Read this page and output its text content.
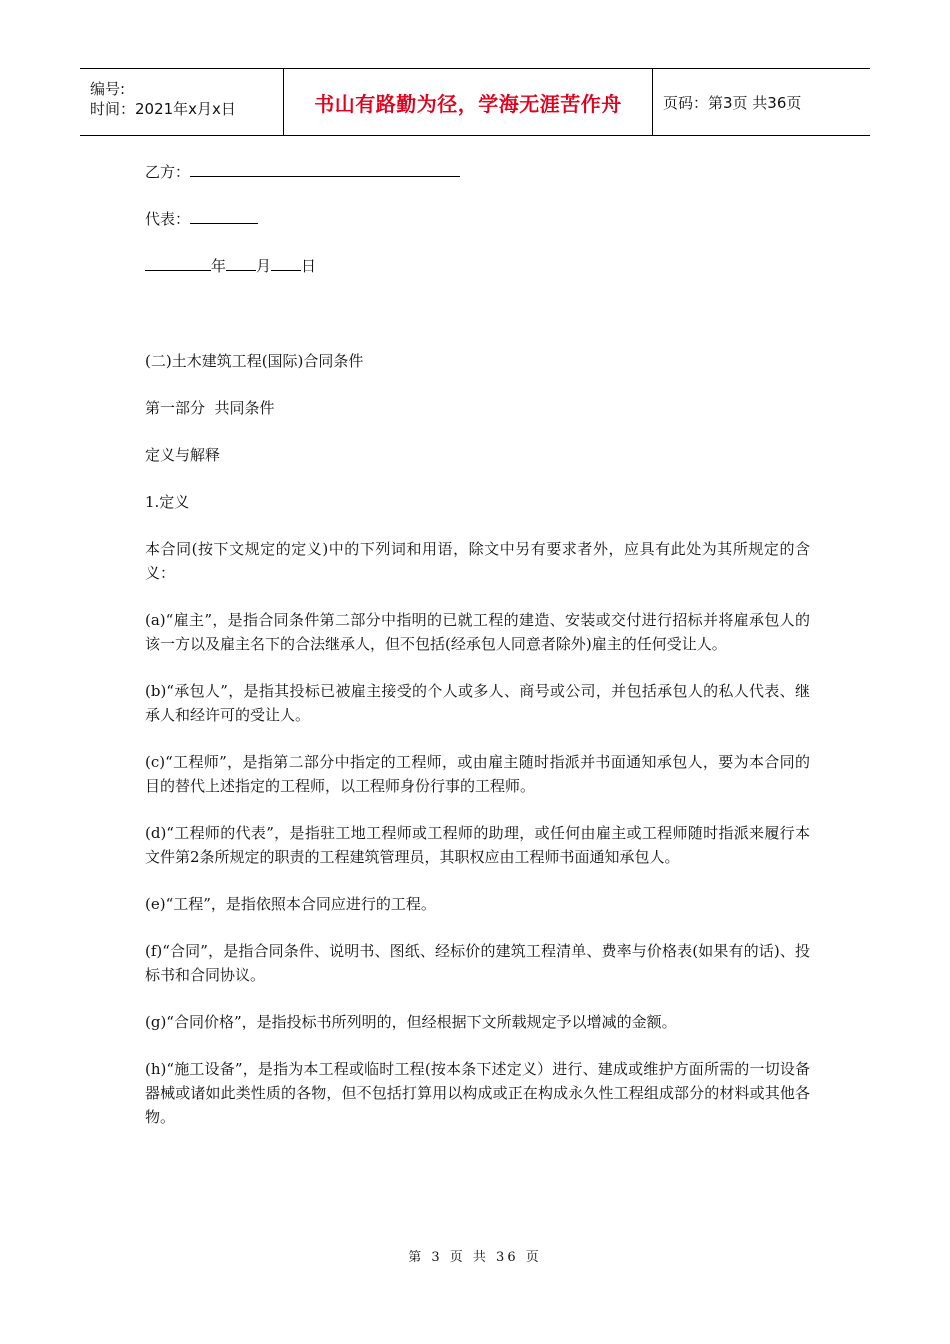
编号:
时间：2021年x月x日	书山有路勤为径，学海无涯苦作舟	页码：第3页 共36页

乙方：

代表：

年 月 日

(二)土木建筑工程(国际)合同条件

第一部分  共同条件

定义与解释

1.定义

本合同(按下文规定的定义)中的下列词和用语，除文中另有要求者外，应具有此处为其所规定的含义：

(a)“雇主”，是指合同条件第二部分中指明的已就工程的建造、安装或交付进行招标并将雇承包人的该一方以及雇主名下的合法继承人，但不包括(经承包人同意者除外)雇主的任何受让人。

(b)“承包人”，是指其投标已被雇主接受的个人或多人、商号或公司，并包括承包人的私人代表、继承人和经许可的受让人。

(c)“工程师”，是指第二部分中指定的工程师，或由雇主随时指派并书面通知承包人，要为本合同的目的替代上述指定的工程师，以工程师身份行事的工程师。

(d)“工程师的代表”，是指驻工地工程师或工程师的助理，或任何由雇主或工程师随时指派来履行本文件第2条所规定的职责的工程建筑管理员，其职权应由工程师书面通知承包人。

(e)“工程”，是指依照本合同应进行的工程。

(f)“合同”，是指合同条件、说明书、图纸、经标价的建筑工程清单、费率与价格表(如果有的话)、投标书和合同协议。

(g)“合同价格”，是指投标书所列明的，但经根据下文所载规定予以增减的金额。

(h)“施工设备”，是指为本工程或临时工程(按本条下述定义）进行、建成或维护方面所需的一切设备器械或诸如此类性质的各物，但不包括打算用以构成或正在构成永久性工程组成部分的材料或其他各物。

第 3 页 共 36 页
